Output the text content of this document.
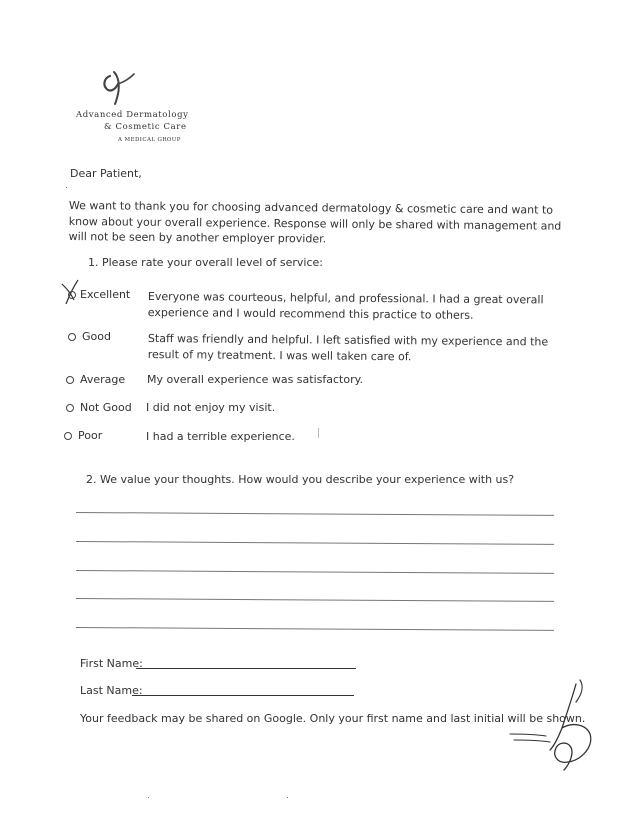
Advanced Dermatology
& Cosmetic Care
A MEDICAL GROUP
Dear Patient,
We want to thank you for choosing advanced dermatology & cosmetic care and want to know about your overall experience. Response will only be shared with management and will not be seen by another employer provider.
1. Please rate your overall level of service:
Excellent Everyone was courteous, helpful, and professional. I had a great overall experience and I would recommend this practice to others.
Good	Staff was friendly and helpful. I left satisfied with my experience and the result of my treatment. I was well taken care of.
Average My overall experience was satisfactory.
Not Good I did not enjoy my visit.
Poor	I had a terrible experience.
2. We value your thoughts. How would you describe your experience with us?
First Name:
Last Name:
Your feedback may be shared on Google. Only your first name and last initial will be shown.
